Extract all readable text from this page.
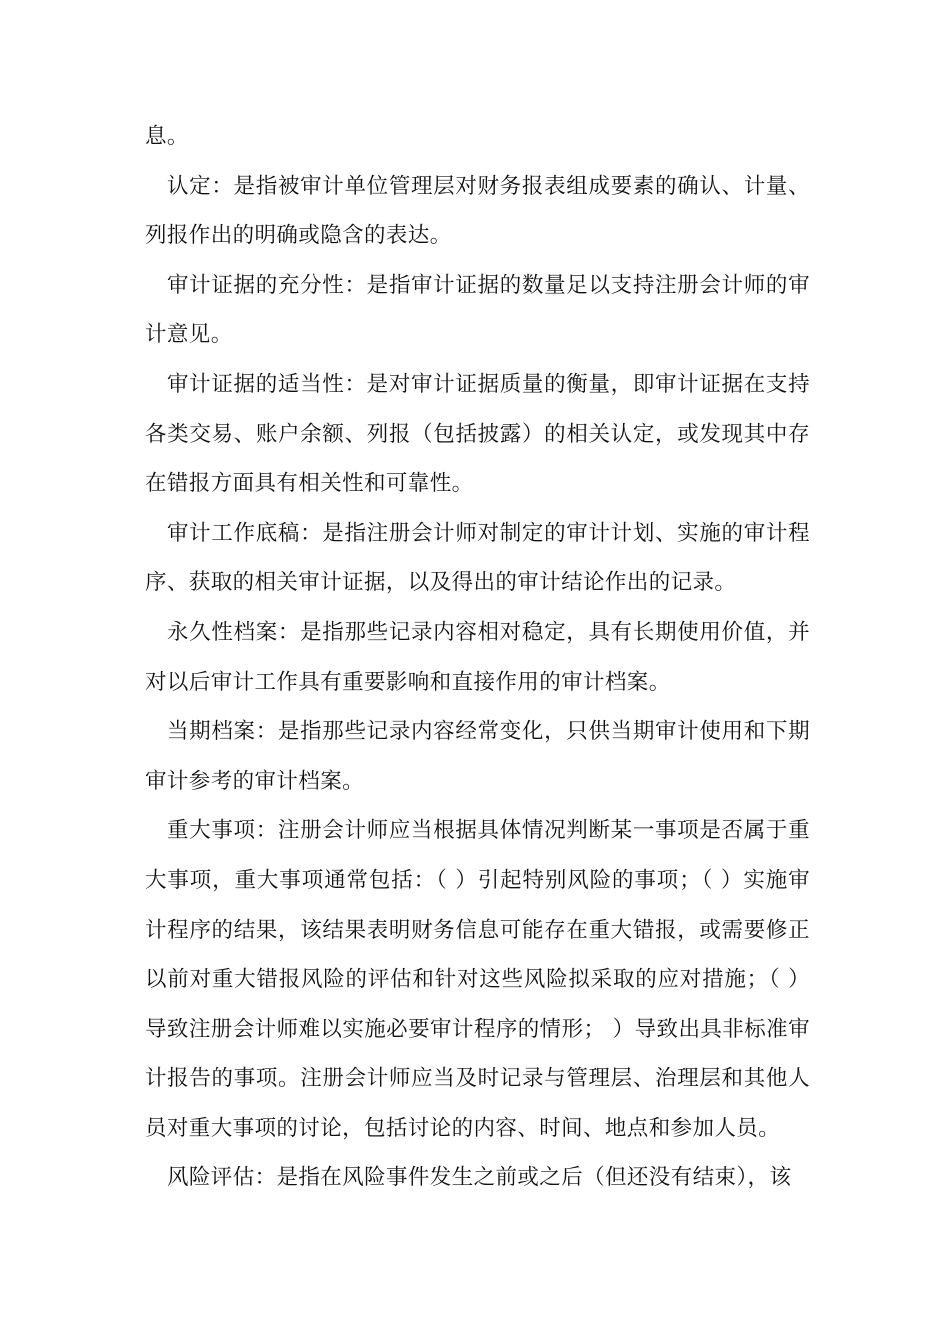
息。

认定：是指被审计单位管理层对财务报表组成要素的确认、计量、列报作出的明确或隐含的表达。

审计证据的充分性：是指审计证据的数量足以支持注册会计师的审计意见。

审计证据的适当性：是对审计证据质量的衡量，即审计证据在支持各类交易、账户余额、列报（包括披露）的相关认定，或发现其中存在错报方面具有相关性和可靠性。

审计工作底稿：是指注册会计师对制定的审计计划、实施的审计程序、获取的相关审计证据，以及得出的审计结论作出的记录。

永久性档案：是指那些记录内容相对稳定，具有长期使用价值，并对以后审计工作具有重要影响和直接作用的审计档案。

当期档案：是指那些记录内容经常变化，只供当期审计使用和下期审计参考的审计档案。

重大事项：注册会计师应当根据具体情况判断某一事项是否属于重大事项，重大事项通常包括：（ ）引起特别风险的事项；（ ）实施审计程序的结果，该结果表明财务信息可能存在重大错报，或需要修正以前对重大错报风险的评估和针对这些风险拟采取的应对措施；（ ）导致注册会计师难以实施必要审计程序的情形； ）导致出具非标准审计报告的事项。注册会计师应当及时记录与管理层、治理层和其他人员对重大事项的讨论，包括讨论的内容、时间、地点和参加人员。

风险评估：是指在风险事件发生之前或之后（但还没有结束），该
